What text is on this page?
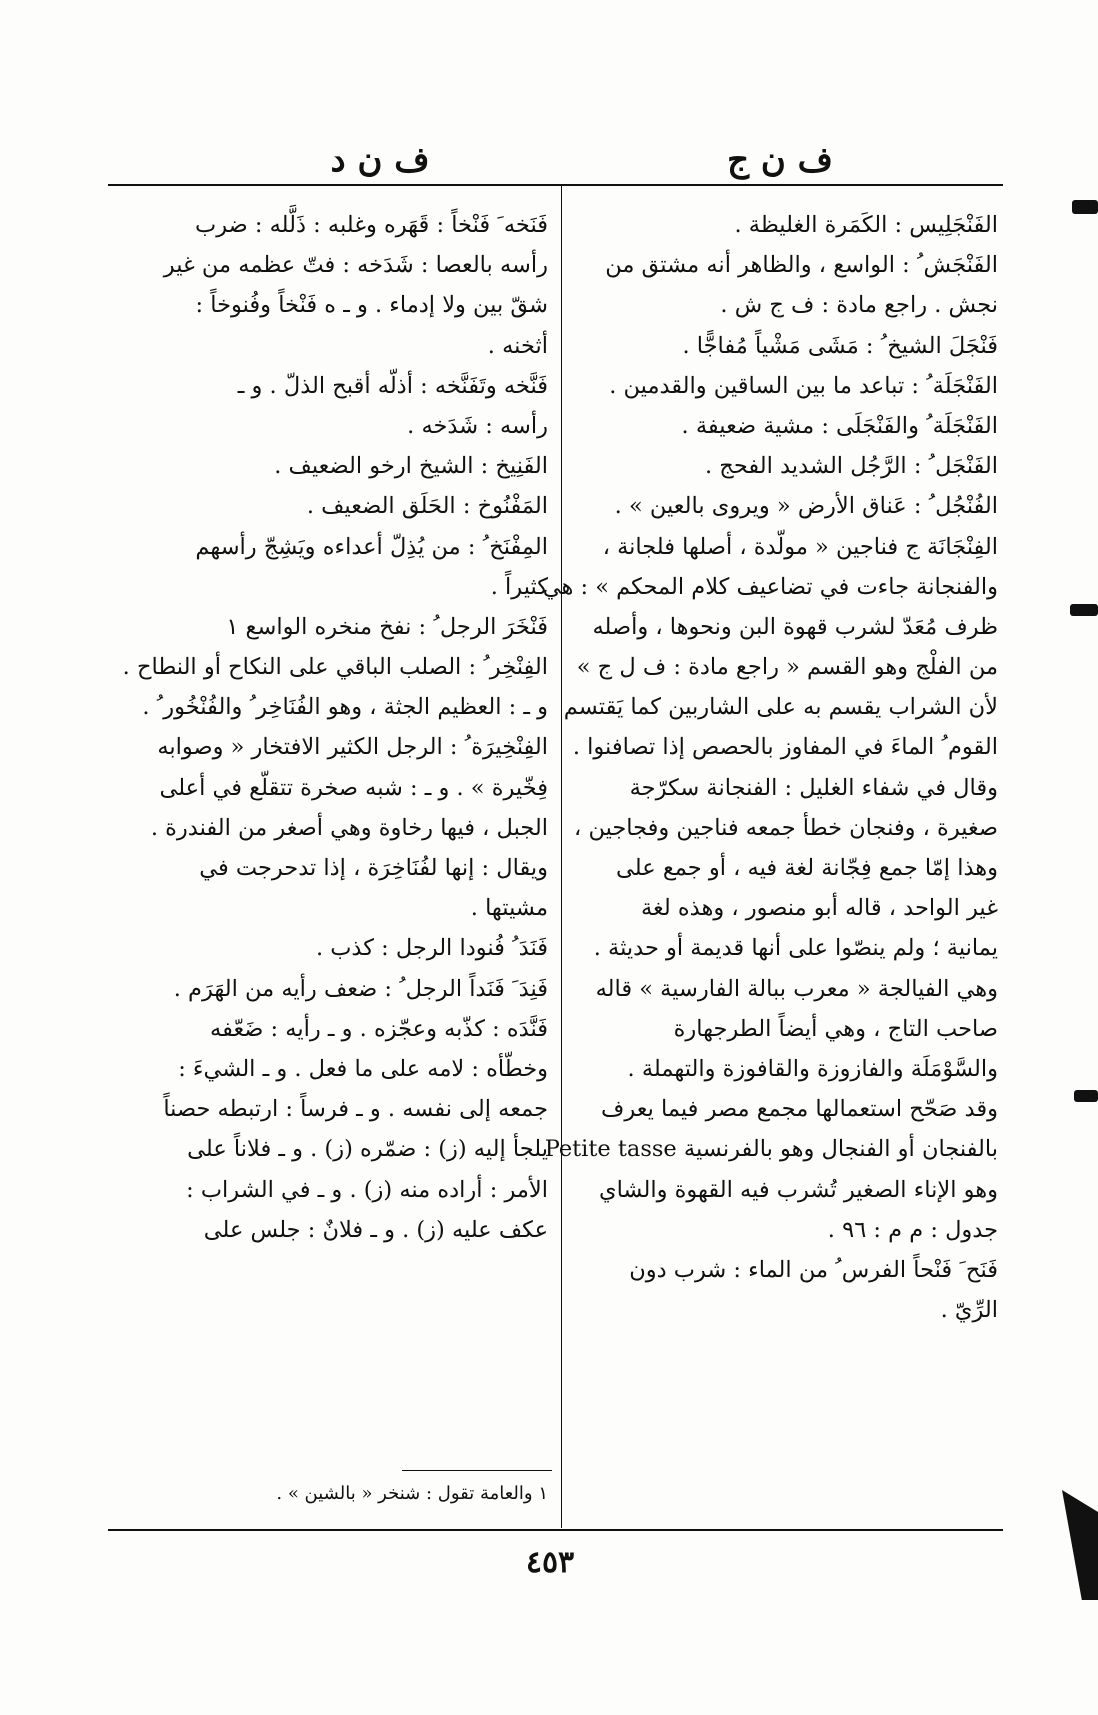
ف ن ج
ف ن د
الفَنْجَلِيس : الكَمَرة الغليظة .
الفَنْجَش ُ : الواسع ، والظاهر أنه مشتق من
نجش . راجع مادة : ف ج ش .
فَنْجَلَ الشيخ ُ : مَشَى مَشْياً مُفاجًّا .
الفَنْجَلَة ُ : تباعد ما بين الساقين والقدمين .
الفَنْجَلَة ُ والفَنْجَلَى : مشية ضعيفة .
الفَنْجَل ُ : الرَّجُل الشديد الفحج .
الفُنْجُل ُ : عَناق الأرض « ويروى بالعين » .
الفِنْجَانَة ج فناجين « مولّدة ، أصلها فلجانة ،
والفنجانة جاءت في تضاعيف كلام المحكم » : هي
ظرف مُعَدّ لشرب قهوة البن ونحوها ، وأصله
من الفلْج وهو القسم « راجع مادة : ف ل ج »
لأن الشراب يقسم به على الشاربين كما يَقتسم
القوم ُ الماءَ في المفاوز بالحصص إذا تصافنوا .
وقال في شفاء الغليل : الفنجانة سكرّجة
صغيرة ، وفنجان خطأ جمعه فناجين وفجاجين ،
وهذا إمّا جمع فِجّانة لغة فيه ، أو جمع على
غير الواحد ، قاله أبو منصور ، وهذه لغة
يمانية ؛ ولم ينصّوا على أنها قديمة أو حديثة .
وهي الفيالجة « معرب ببالة الفارسية » قاله
صاحب التاج ، وهي أيضاً الطرجهارة
والسَّوْمَلَة والفازوزة والقافوزة والتهملة .
وقد صَحّح استعمالها مجمع مصر فيما يعرف
بالفنجان أو الفنجال وهو بالفرنسية Petite tasse
وهو الإناء الصغير تُشرب فيه القهوة والشاي
جدول : م م : ٩٦ .
فَنَح َ فَنْحاً الفرس ُ من الماء : شرب دون
الرِّيّ .
فَنَخه َ فَنْخاً : قَهَره وغلبه : ذَلَّله : ضرب
رأسه بالعصا : شَدَخه : فتّ عظمه من غير
شقّ بين ولا إدماء . و ـ ه فَنْخاً وفُنوخاً :
أثخنه .
فَنَّخه وتَفَنَّخه : أذلّه أقبح الذلّ . و ـ
رأسه : شَدَخه .
الفَنِيخ : الشيخ ارخو الضعيف .
المَفْنُوخ : الحَلَق الضعيف .
المِفْنَخ ُ : من يُذِلّ أعداءه ويَشِجّ رأسهم
كثيراً .
فَنْخَرَ الرجل ُ : نفخ منخره الواسع ١
الفِنْخِر ُ : الصلب الباقي على النكاح أو النطاح .
و ـ : العظيم الجثة ، وهو الفُنَاخِر ُ والفُنْخُور ُ .
الفِنْخِيرَة ُ : الرجل الكثير الافتخار « وصوابه
فِخّيرة » . و ـ : شبه صخرة تتقلّع في أعلى
الجبل ، فيها رخاوة وهي أصغر من الفندرة .
ويقال : إنها لفُنَاخِرَة ، إذا تدحرجت في
مشيتها .
فَنَدَ ُ فُنودا الرجل : كذب .
فَنِدَ َ فَنَداً الرجل ُ : ضعف رأيه من الهَرَم .
فَنَّدَه : كذّبه وعجّزه . و ـ رأيه : ضَعّفه
وخطّأه : لامه على ما فعل . و ـ الشيءَ :
جمعه إلى نفسه . و ـ فرساً : ارتبطه حصناً
يلجأ إليه (ز) : ضمّره (ز) . و ـ فلاناً على
الأمر : أراده منه (ز) . و ـ في الشراب :
عكف عليه (ز) . و ـ فلانٌ : جلس على
١ والعامة تقول : شنخر « بالشين » .
٤٥٣
